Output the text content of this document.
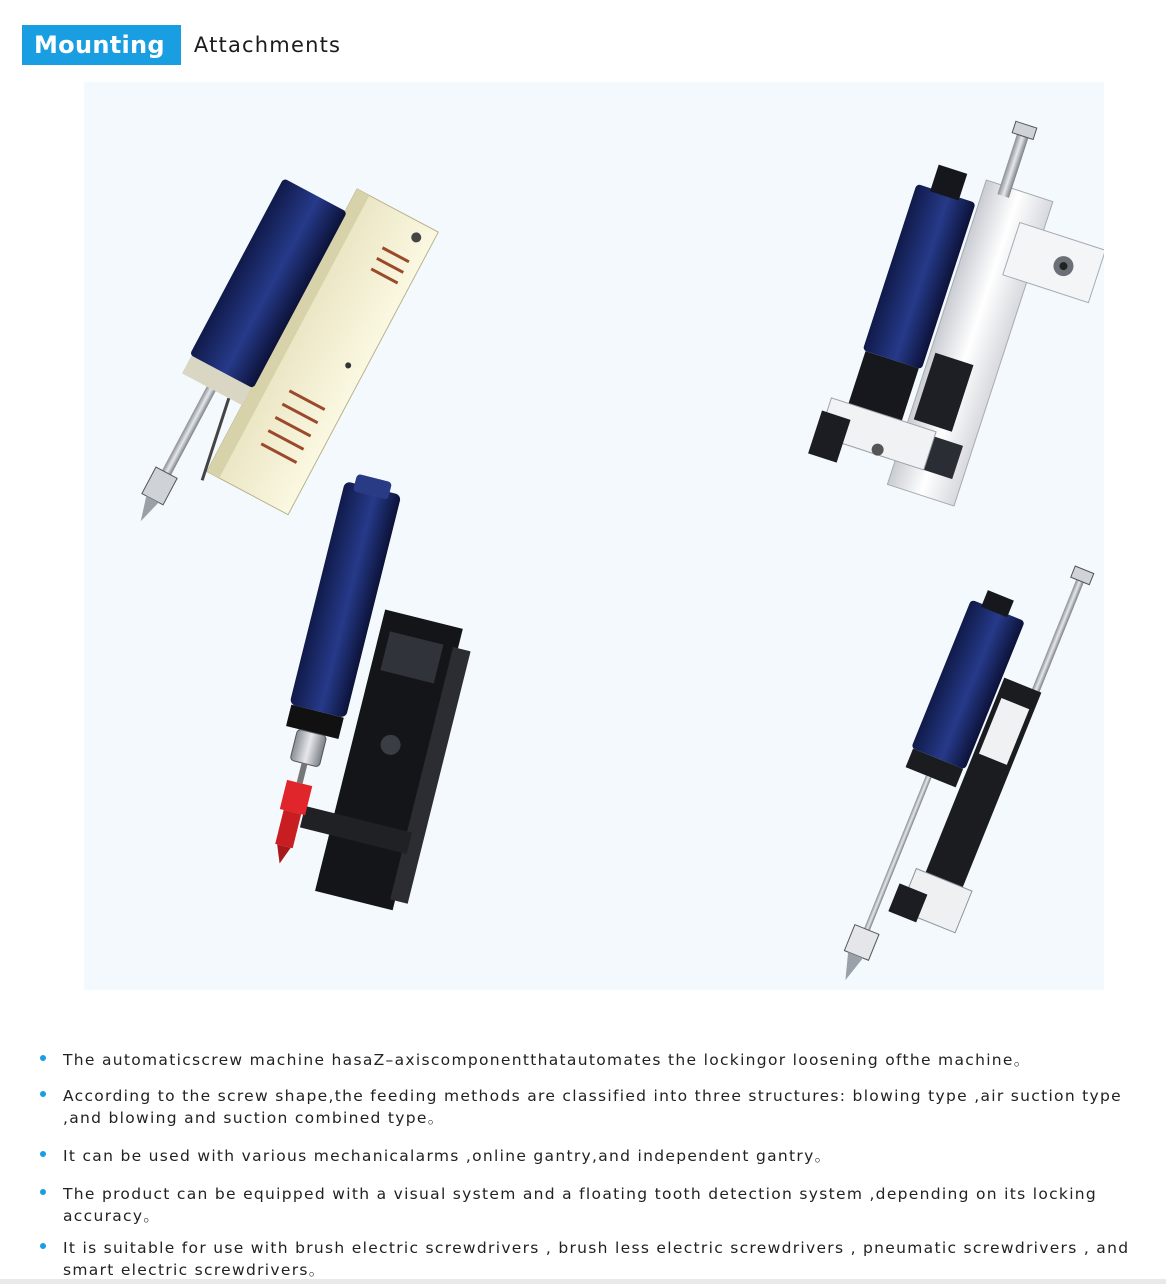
Mounting	Attachments
The automaticscrew machine hasaZ–axiscomponentthatautomates the lockingor loosening ofthe machine。
According to the screw shape,the feeding methods are classified into three structures: blowing type ,air suction type ,and blowing and suction combined type。
It can be used with various mechanicalarms ,online gantry,and independent gantry。
The product can be equipped with a visual system and a floating tooth detection system ,depending on its locking accuracy。
It is suitable for use with brush electric screwdrivers , brush less electric screwdrivers , pneumatic screwdrivers , and smart electric screwdrivers。
